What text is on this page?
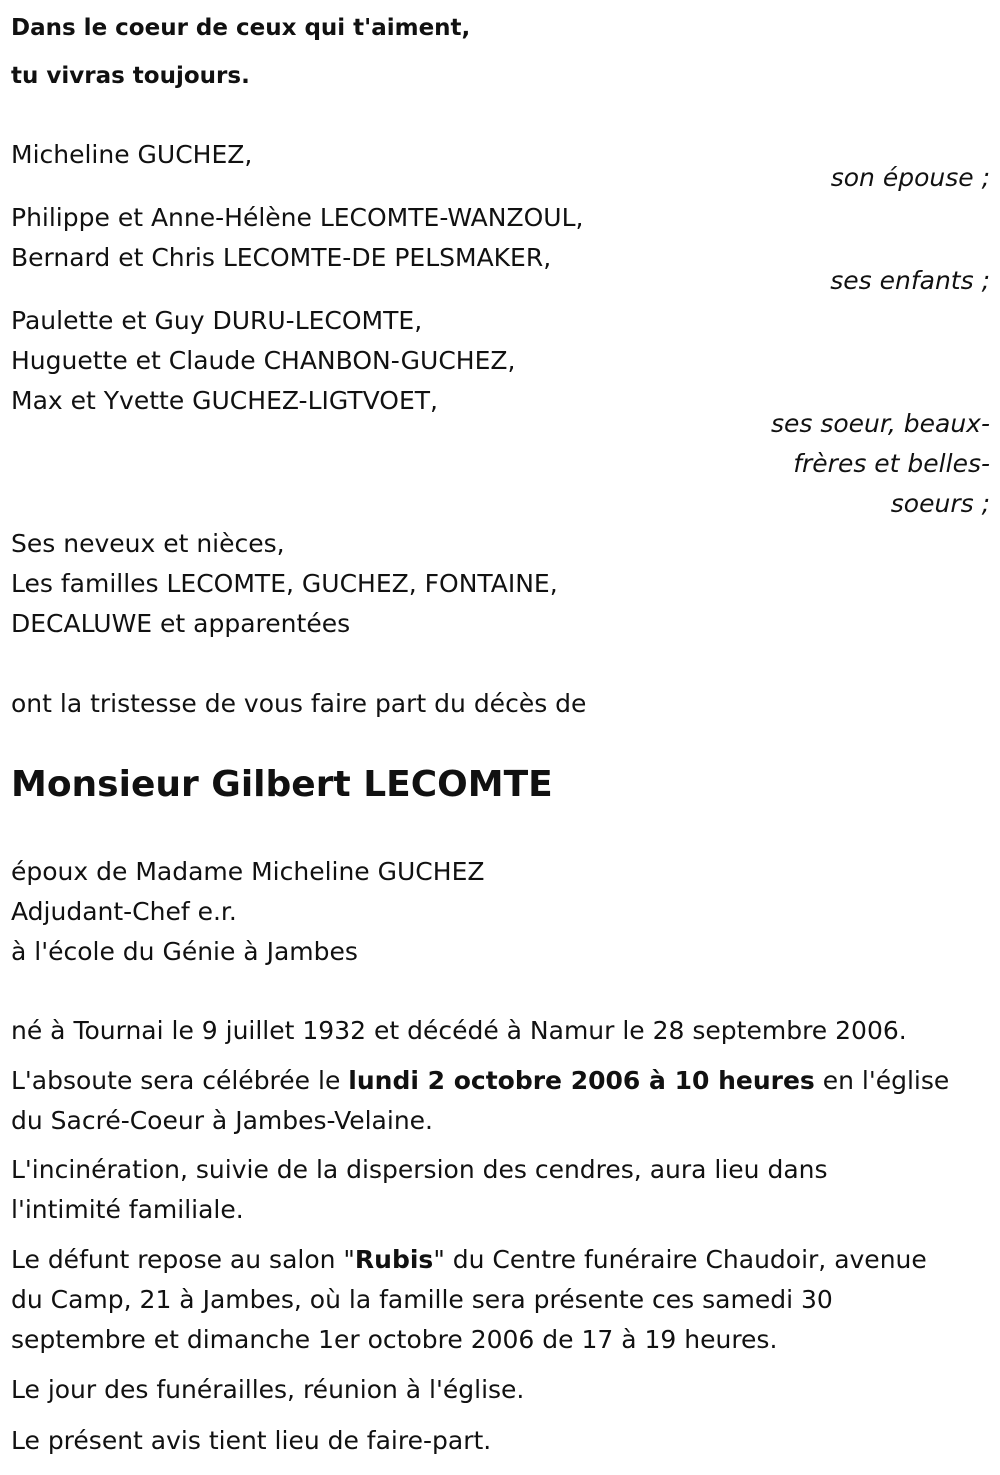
Dans le coeur de ceux qui t'aiment,
tu vivras toujours.
Micheline GUCHEZ,
son épouse ;
Philippe et Anne-Hélène LECOMTE-WANZOUL,
Bernard et Chris LECOMTE-DE PELSMAKER,
ses enfants ;
Paulette et Guy DURU-LECOMTE,
Huguette et Claude CHANBON-GUCHEZ,
Max et Yvette GUCHEZ-LIGTVOET,
ses soeur, beaux-
frères et belles-
soeurs ;
Ses neveux et nièces,
Les familles LECOMTE, GUCHEZ, FONTAINE,
DECALUWE et apparentées
ont la tristesse de vous faire part du décès de
Monsieur Gilbert LECOMTE
époux de Madame Micheline GUCHEZ
Adjudant-Chef e.r.
à l'école du Génie à Jambes
né à Tournai le 9 juillet 1932 et décédé à Namur le 28 septembre 2006.
L'absoute sera célébrée le lundi 2 octobre 2006 à 10 heures en l'église
du Sacré-Coeur à Jambes-Velaine.
L'incinération, suivie de la dispersion des cendres, aura lieu dans
l'intimité familiale.
Le défunt repose au salon "Rubis" du Centre funéraire Chaudoir, avenue
du Camp, 21 à Jambes, où la famille sera présente ces samedi 30
septembre et dimanche 1er octobre 2006 de 17 à 19 heures.
Le jour des funérailles, réunion à l'église.
Le présent avis tient lieu de faire-part.
